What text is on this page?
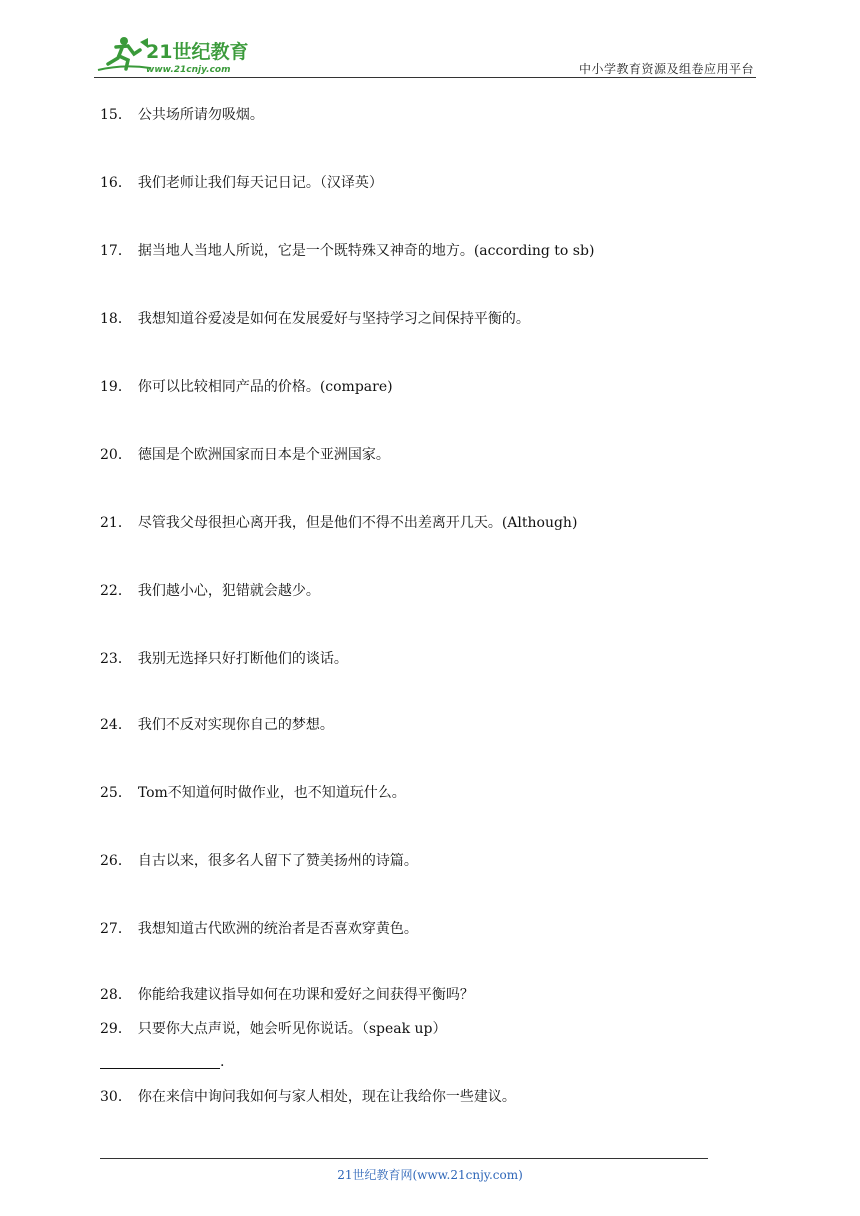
21世纪教育
www.21cnjy.com	中小学教育资源及组卷应用平台
15． 公共场所请勿吸烟。
16． 我们老师让我们每天记日记。（汉译英）
17． 据当地人当地人所说，它是一个既特殊又神奇的地方。(according to sb)
18． 我想知道谷爱凌是如何在发展爱好与坚持学习之间保持平衡的。
19． 你可以比较相同产品的价格。(compare)
20． 德国是个欧洲国家而日本是个亚洲国家。
21． 尽管我父母很担心离开我，但是他们不得不出差离开几天。(Although)
22． 我们越小心，犯错就会越少。
23． 我别无选择只好打断他们的谈话。
24． 我们不反对实现你自己的梦想。
25． Tom不知道何时做作业，也不知道玩什么。
26． 自古以来，很多名人留下了赞美扬州的诗篇。
27． 我想知道古代欧洲的统治者是否喜欢穿黄色。
28． 你能给我建议指导如何在功课和爱好之间获得平衡吗？
29． 只要你大点声说，她会听见你说话。（speak up）
30． 你在来信中询问我如何与家人相处，现在让我给你一些建议。
.
21世纪教育网(www.21cnjy.com)
